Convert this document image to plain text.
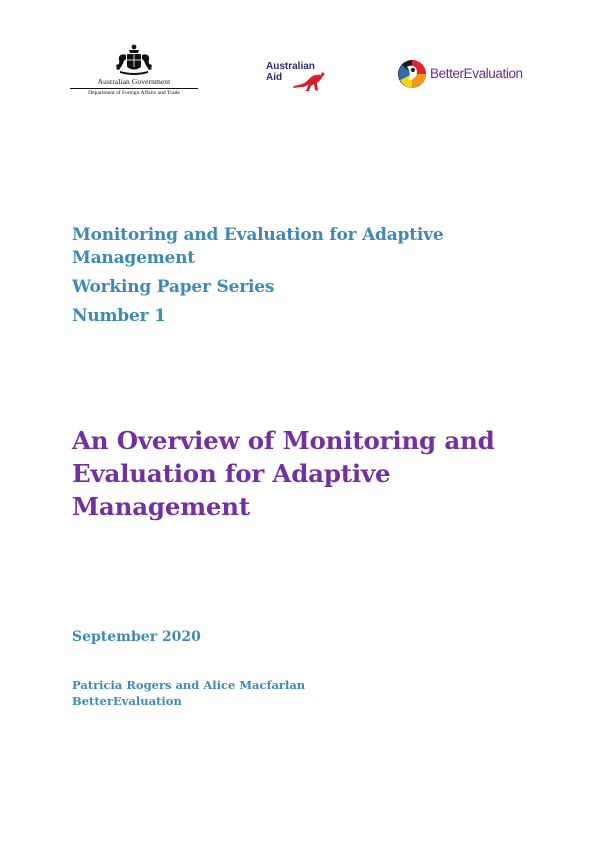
Australian Government
Department of Foreign Affairs and Trade
Australian
Aid	BetterEvaluation
Monitoring and Evaluation for Adaptive Management
Working Paper Series
Number 1
An Overview of Monitoring and Evaluation for Adaptive Management
September 2020
Patricia Rogers and Alice Macfarlan
BetterEvaluation
